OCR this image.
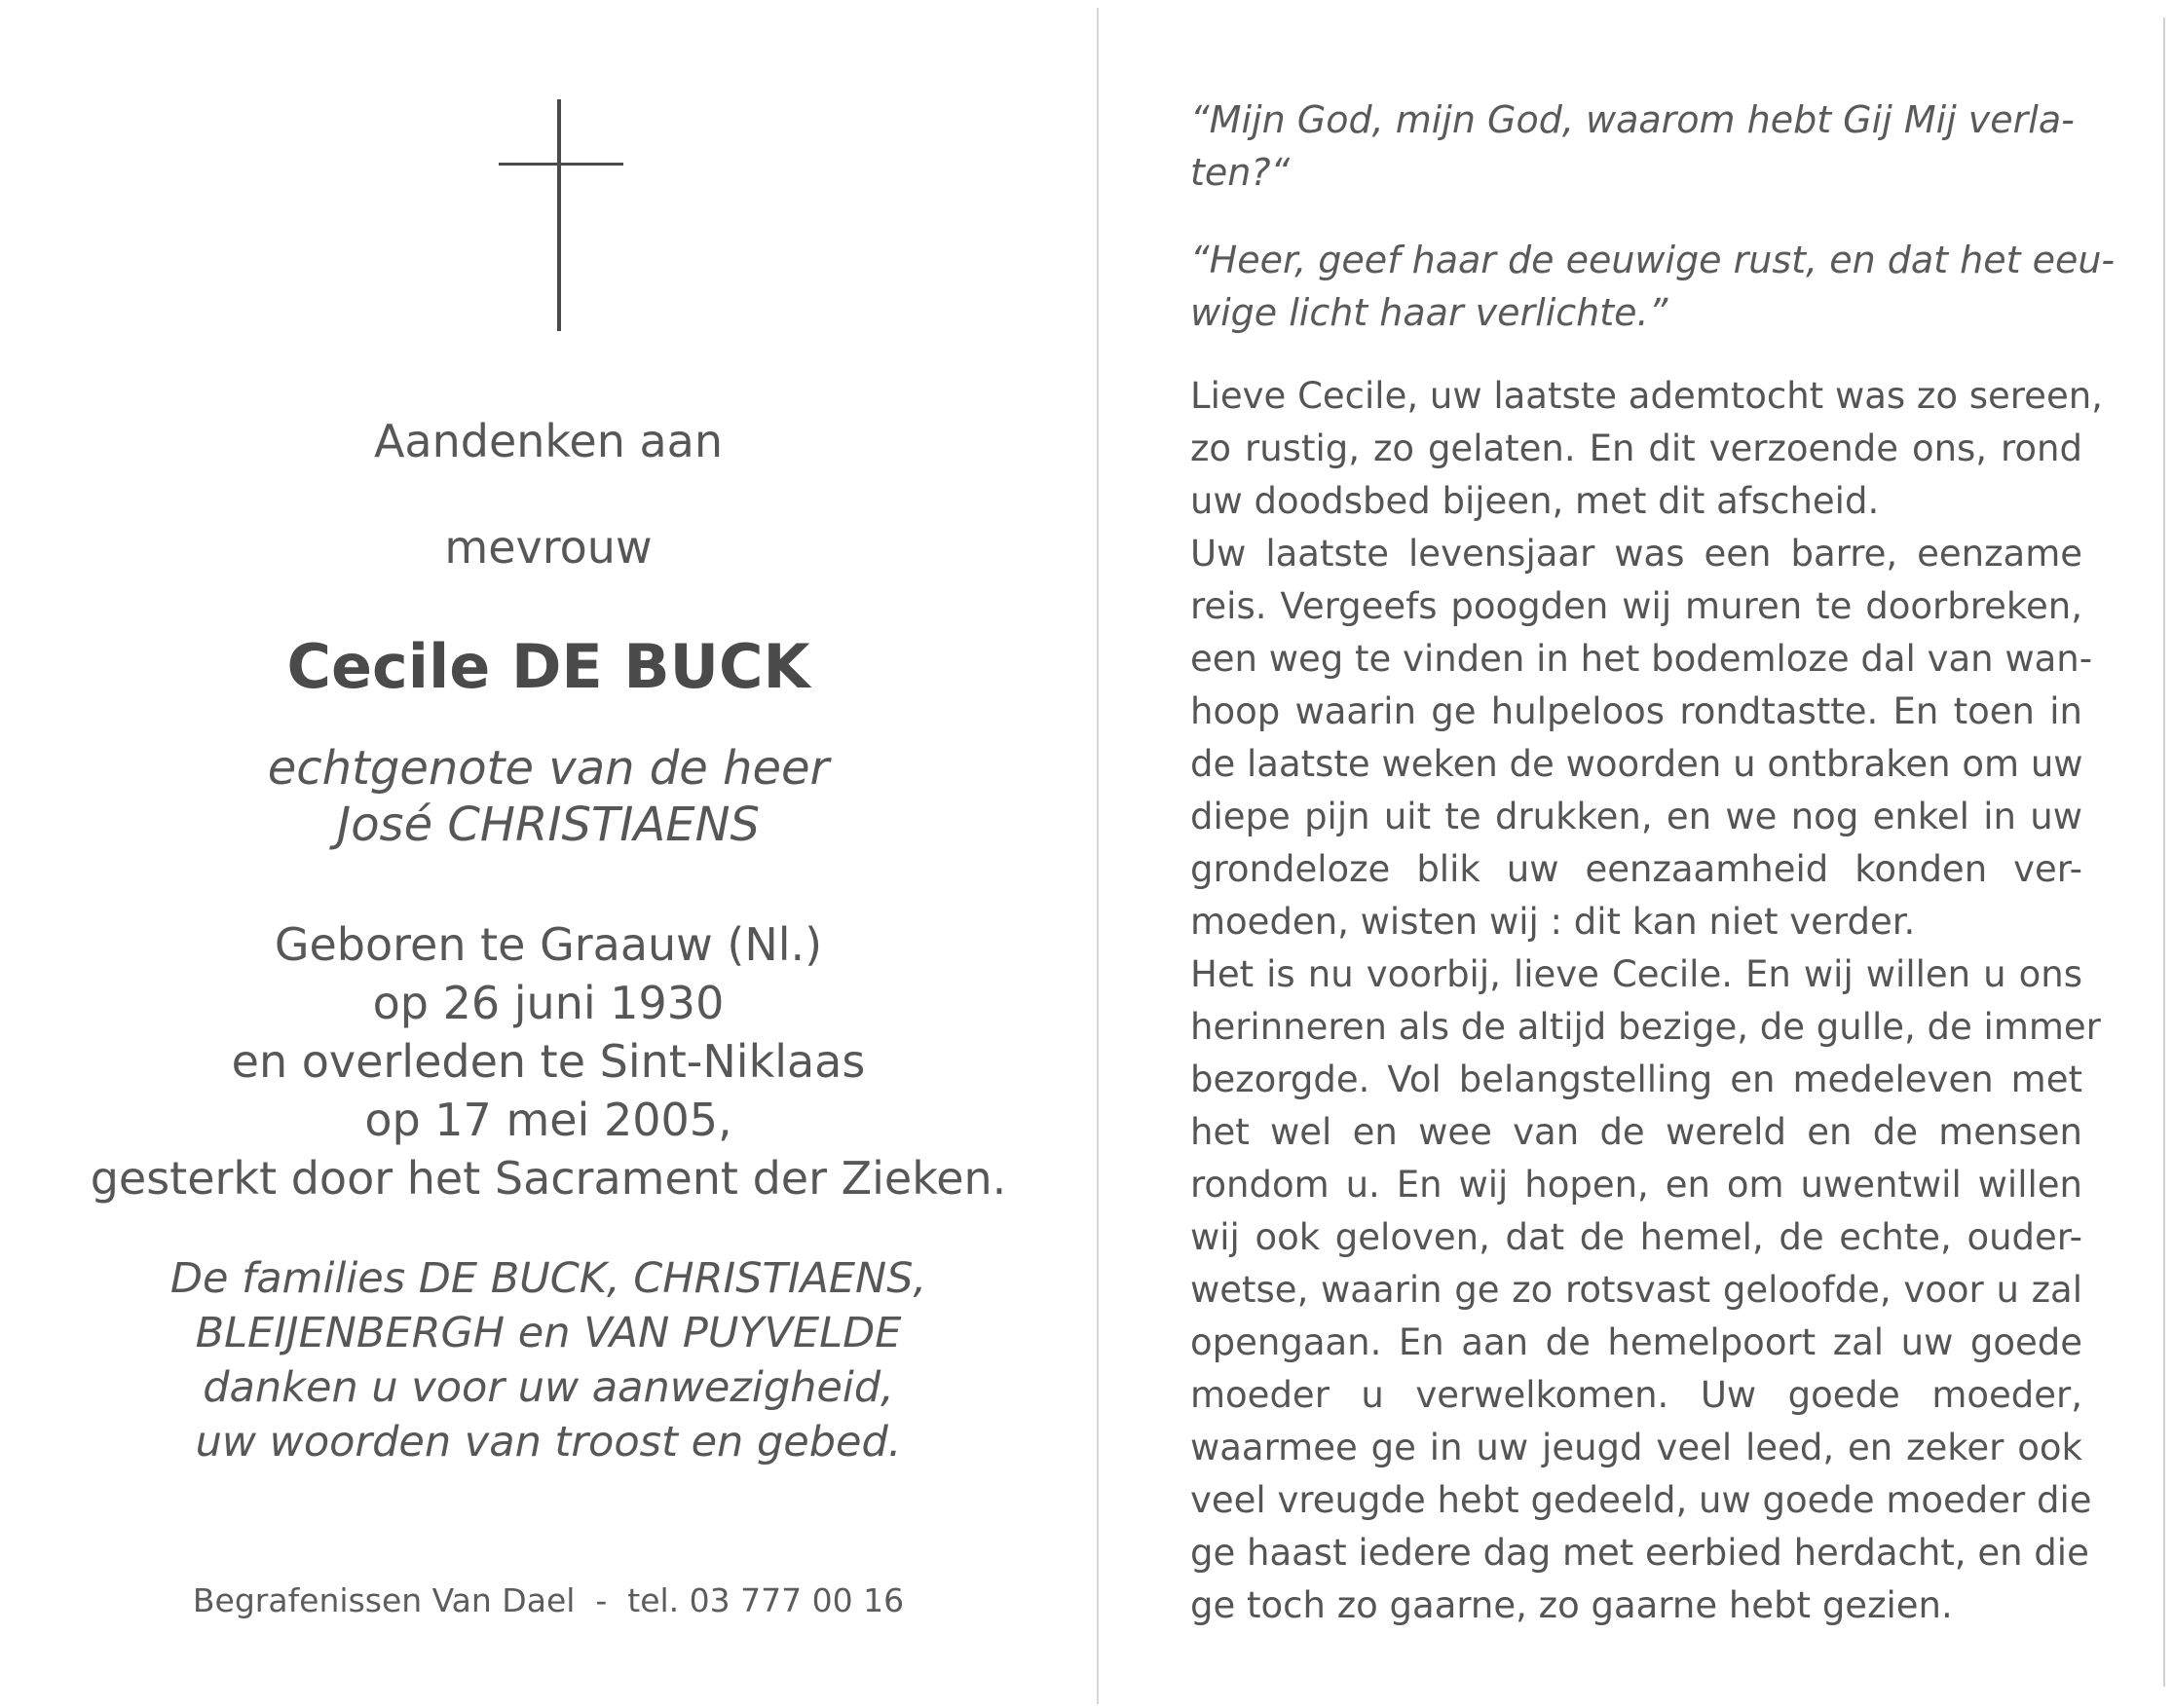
Aandenken aan
mevrouw
Cecile DE BUCK
echtgenote van de heer
José CHRISTIAENS
Geboren te Graauw (Nl.)
op 26 juni 1930
en overleden te Sint-Niklaas
op 17 mei 2005,
gesterkt door het Sacrament der Zieken.
De families DE BUCK, CHRISTIAENS,
BLEIJENBERGH en VAN PUYVELDE
danken u voor uw aanwezigheid,
uw woorden van troost en gebed.
Begrafenissen Van Dael  -  tel. 03 777 00 16
“Mijn God, mijn God, waarom hebt Gij Mij verla-
ten?“
“Heer, geef haar de eeuwige rust, en dat het eeu-
wige licht haar verlichte.”
Lieve Cecile, uw laatste ademtocht was zo sereen,
zo rustig, zo gelaten. En dit verzoende ons, rond
uw doodsbed bijeen, met dit afscheid.
Uw laatste levensjaar was een barre, eenzame
reis. Vergeefs poogden wij muren te doorbreken,
een weg te vinden in het bodemloze dal van wan-
hoop waarin ge hulpeloos rondtastte. En toen in
de laatste weken de woorden u ontbraken om uw
diepe pijn uit te drukken, en we nog enkel in uw
grondeloze blik uw eenzaamheid konden ver-
moeden, wisten wij : dit kan niet verder.
Het is nu voorbij, lieve Cecile. En wij willen u ons
herinneren als de altijd bezige, de gulle, de immer
bezorgde. Vol belangstelling en medeleven met
het wel en wee van de wereld en de mensen
rondom u. En wij hopen, en om uwentwil willen
wij ook geloven, dat de hemel, de echte, ouder-
wetse, waarin ge zo rotsvast geloofde, voor u zal
opengaan. En aan de hemelpoort zal uw goede
moeder u verwelkomen. Uw goede moeder,
waarmee ge in uw jeugd veel leed, en zeker ook
veel vreugde hebt gedeeld, uw goede moeder die
ge haast iedere dag met eerbied herdacht, en die
ge toch zo gaarne, zo gaarne hebt gezien.
